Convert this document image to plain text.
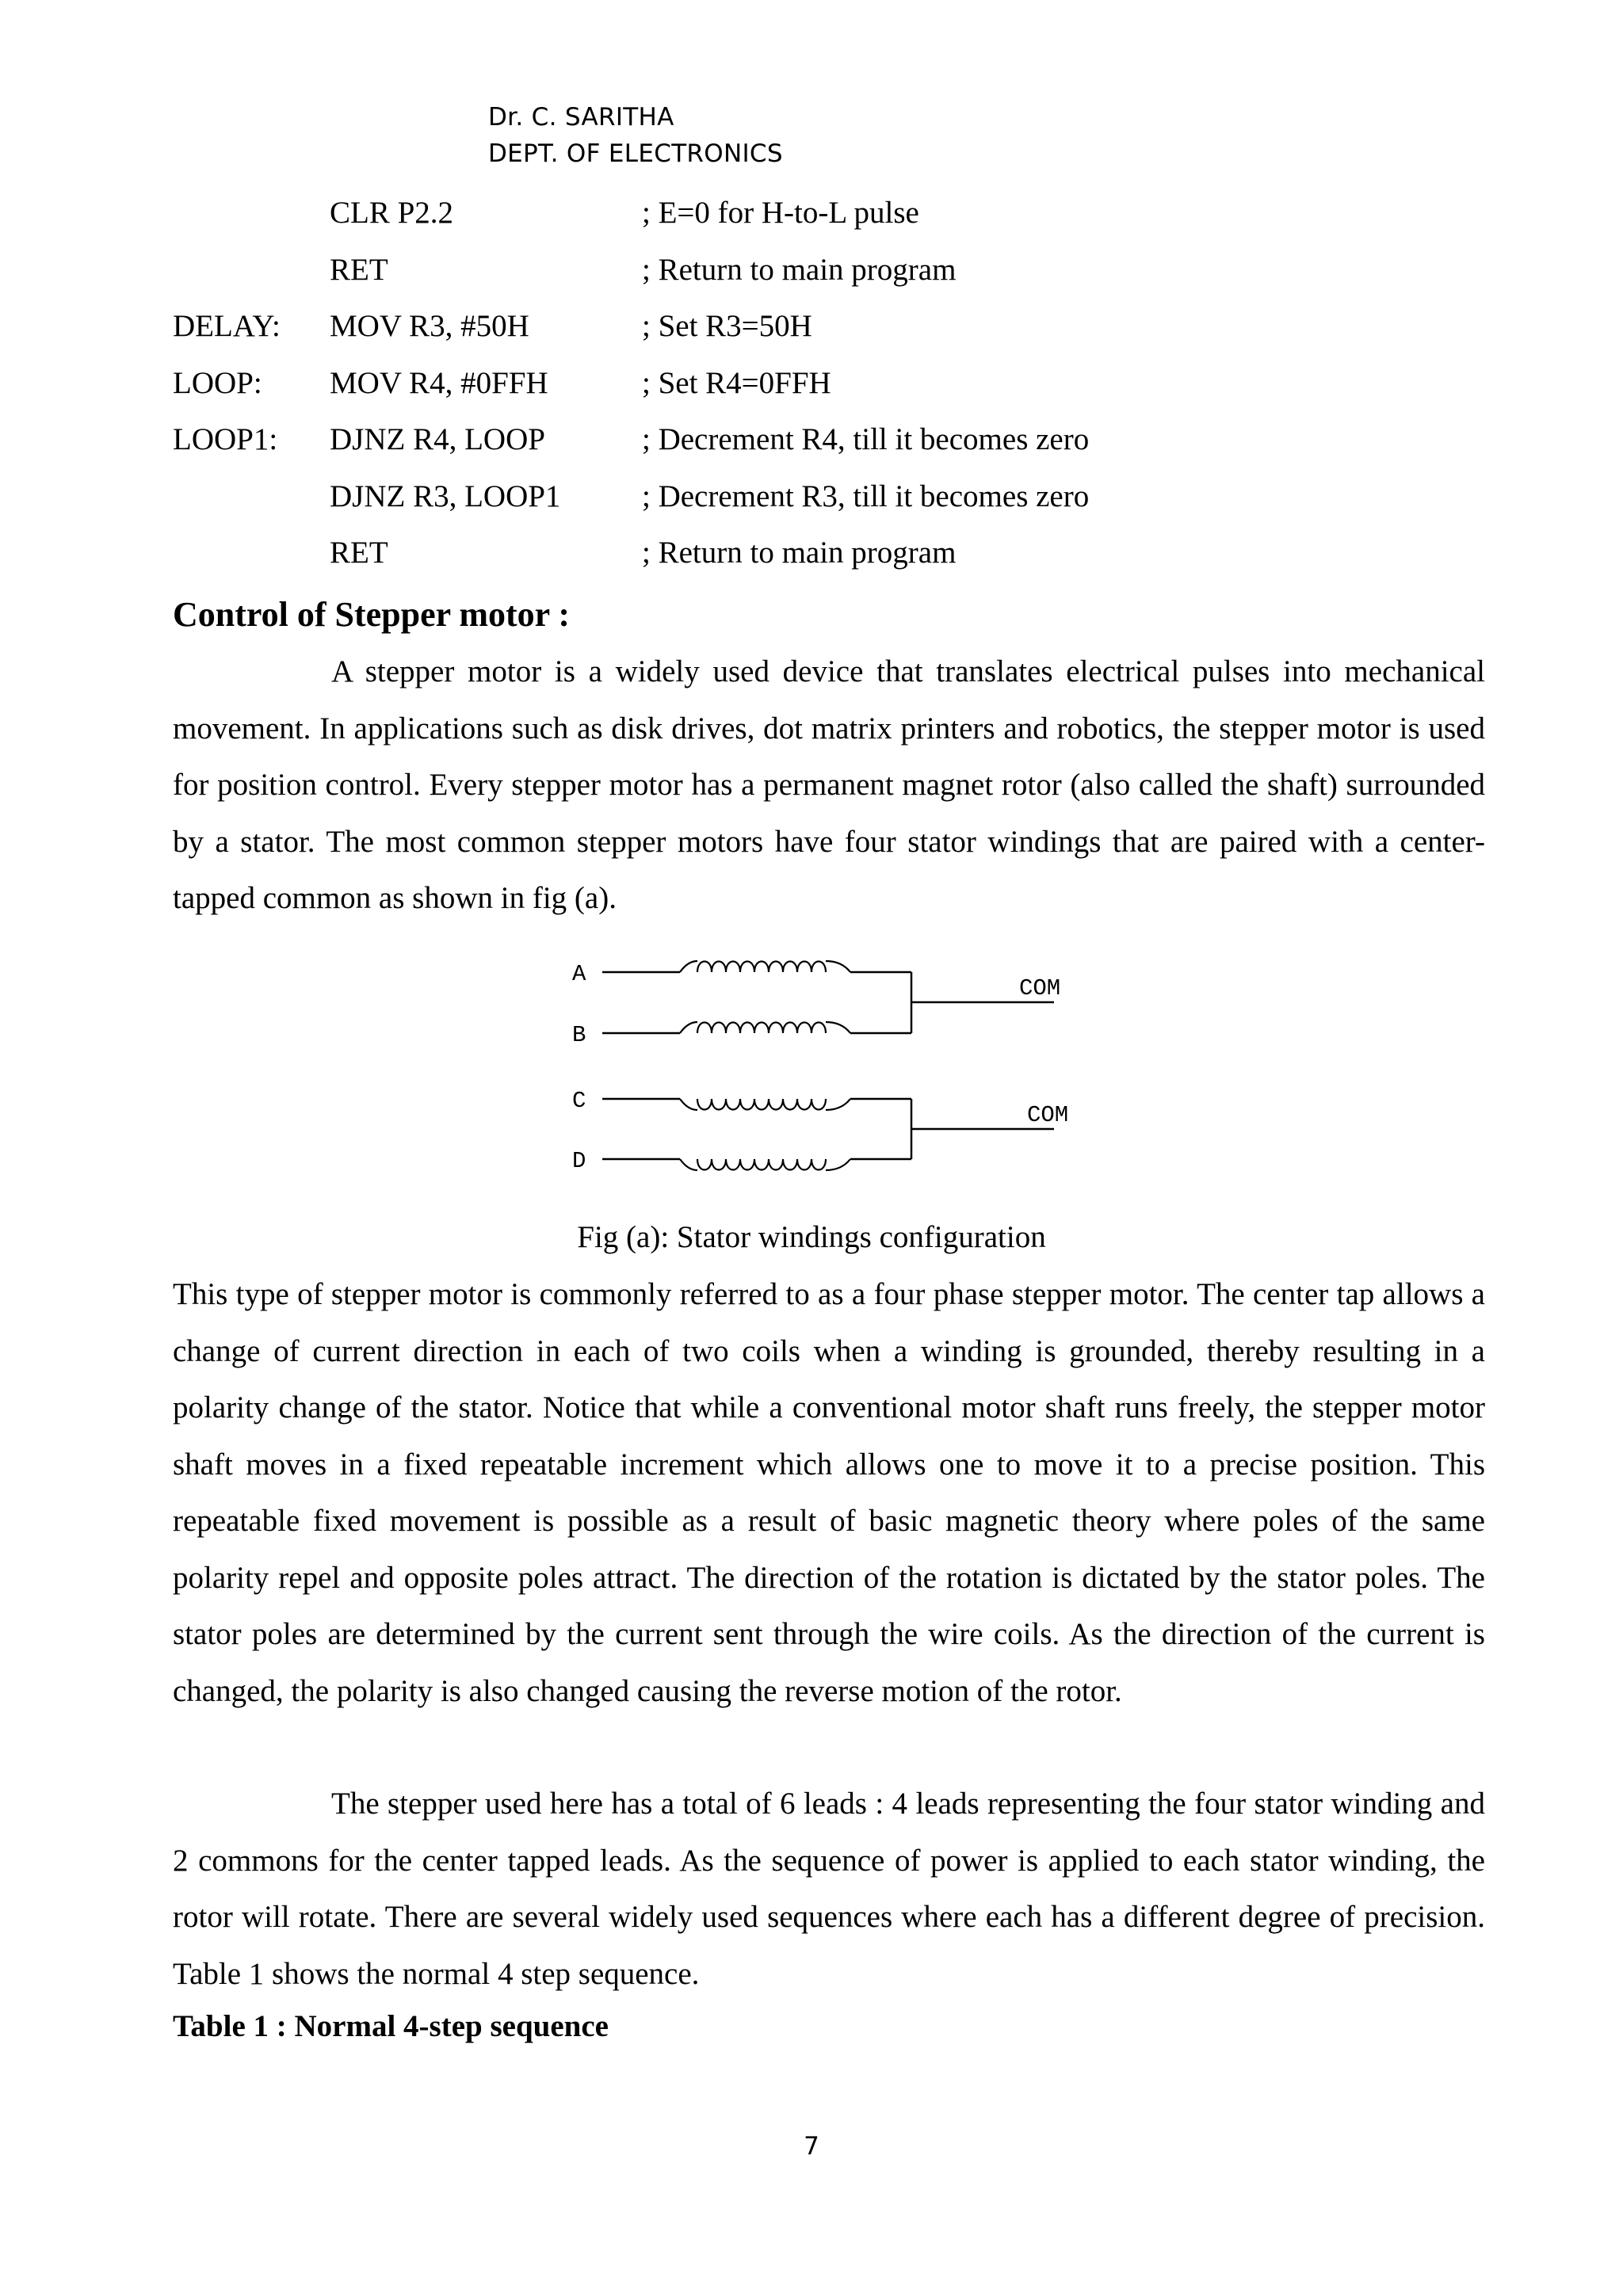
Dr. C. SARITHA
DEPT. OF ELECTRONICS
CLR P2.2	; E=0 for H-to-L pulse
RET	; Return to main program
DELAY: MOV R3, #50H	; Set R3=50H
LOOP: MOV R4, #0FFH	; Set R4=0FFH
LOOP1: DJNZ R4, LOOP	; Decrement R4, till it becomes zero
DJNZ R3, LOOP1	; Decrement R3, till it becomes zero
RET	; Return to main program
Control of Stepper motor :
A stepper motor is a widely used device that translates electrical pulses into mechanical movement. In applications such as disk drives, dot matrix printers and robotics, the stepper motor is used for position control. Every stepper motor has a permanent magnet rotor (also called the shaft) surrounded by a stator. The most common stepper motors have four stator windings that are paired with a center-tapped common as shown in fig (a).
A
B
C
D
COM
COM
Fig (a): Stator windings configuration
This type of stepper motor is commonly referred to as a four phase stepper motor. The center tap allows a change of current direction in each of two coils when a winding is grounded, thereby resulting in a polarity change of the stator. Notice that while a conventional motor shaft runs freely, the stepper motor shaft moves in a fixed repeatable increment which allows one to move it to a precise position. This repeatable fixed movement is possible as a result of basic magnetic theory where poles of the same polarity repel and opposite poles attract. The direction of the rotation is dictated by the stator poles. The stator poles are determined by the current sent through the wire coils. As the direction of the current is changed, the polarity is also changed causing the reverse motion of the rotor.
The stepper used here has a total of 6 leads : 4 leads representing the four stator winding and 2 commons for the center tapped leads. As the sequence of power is applied to each stator winding, the rotor will rotate. There are several widely used sequences where each has a different degree of precision. Table 1 shows the normal 4 step sequence.
Table 1 : Normal 4-step sequence
7
